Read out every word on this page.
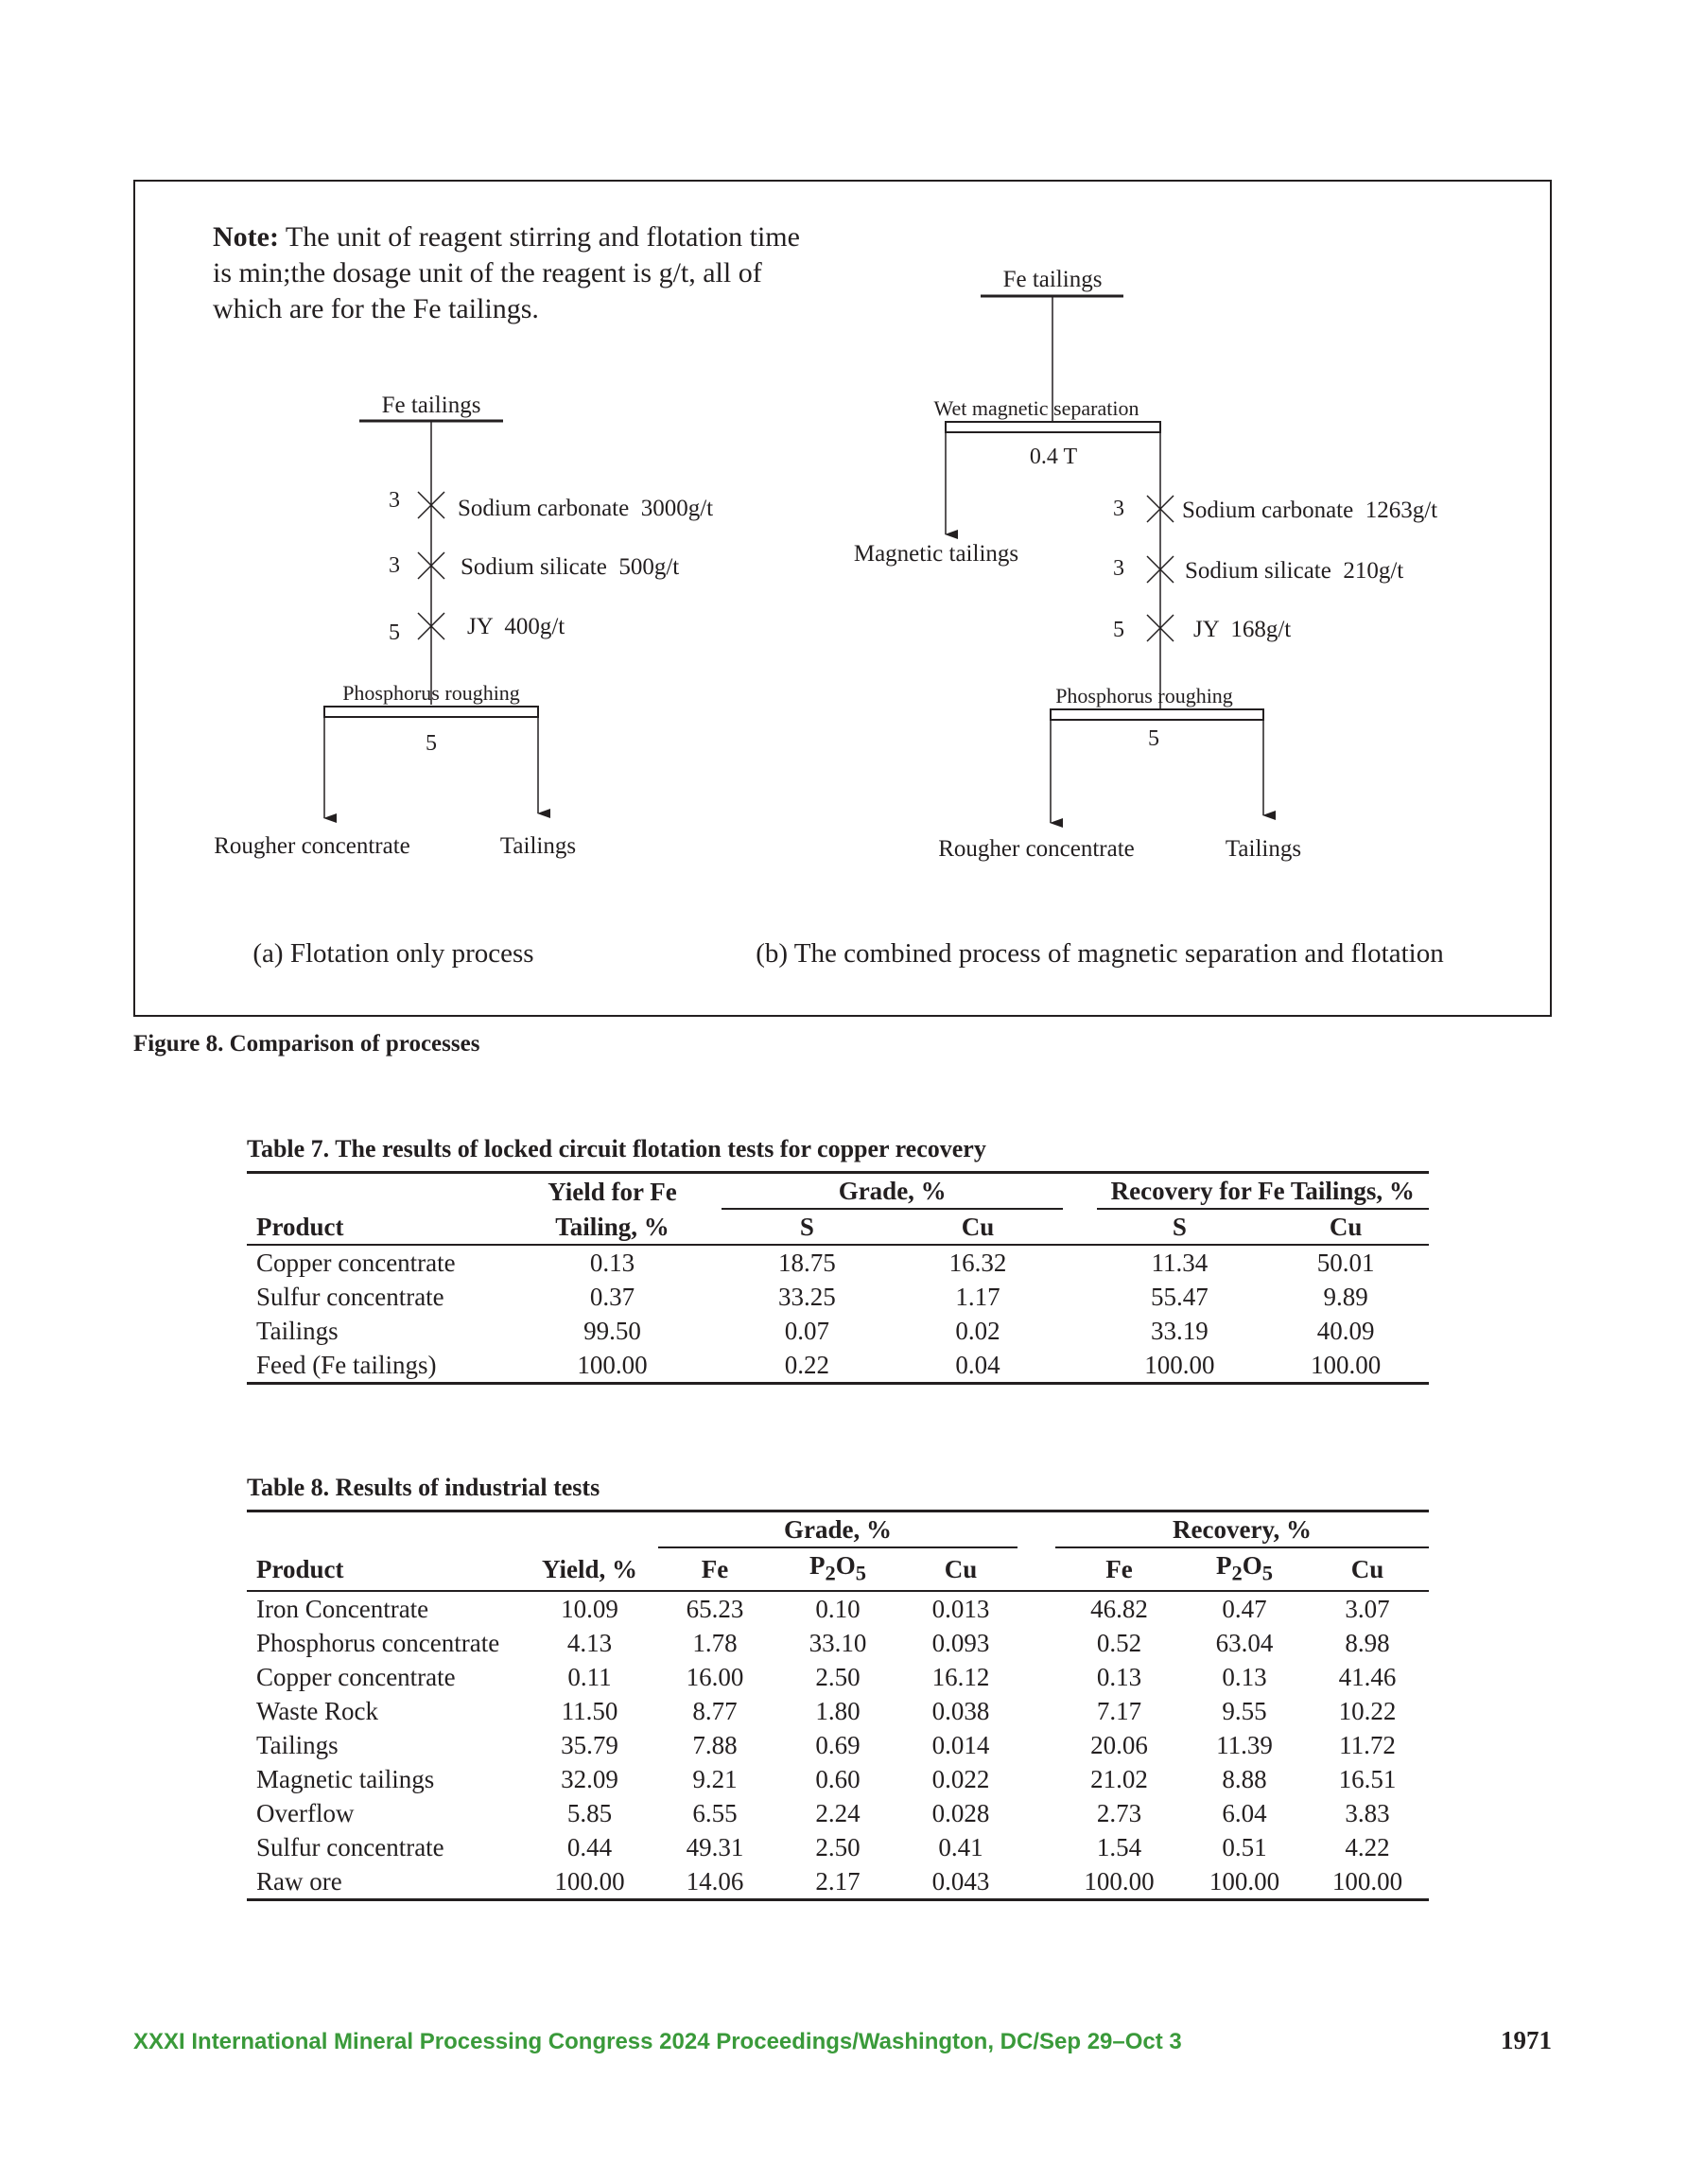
Note: The unit of reagent stirring and flotation time is min;the dosage unit of the reagent is g/t, all of which are for the Fe tailings.
Fe tailings
3 Sodium carbonate  3000g/t
3	Sodium silicate  500g/t
5	JY  400g/t
Phosphorus roughing
5
Rougher concentrate	Tailings
(a) Flotation only process
Fe tailings
Wet magnetic separation
0.4 T
Magnetic tailings
3 Sodium carbonate  1263g/t
3	Sodium silicate  210g/t
5	JY  168g/t
Phosphorus roughing
5
Rougher concentrate	Tailings
(b) The combined process of magnetic separation and flotation
Figure 8. Comparison of processes
Table 7. The results of locked circuit flotation tests for copper recovery
	Yield for Fe		Grade, %			Recovery for Fe Tailings, %	
Product	Tailing, %		S	Cu		S	Cu
Copper concentrate	0.13		18.75	16.32		11.34	50.01
Sulfur concentrate	0.37		33.25	1.17		55.47	9.89
Tailings	99.50		0.07	0.02		33.19	40.09
Feed (Fe tailings)	100.00		0.22	0.04		100.00	100.00
Table 8. Results of industrial tests
			Grade, %				Recovery, %		
Product	Yield, %		Fe	$P_2O_5$	Cu		Fe	$P_2O_5$	Cu
Iron Concentrate	10.09		65.23	0.10	0.013		46.82	0.47	3.07
Phosphorus concentrate	4.13		1.78	33.10	0.093		0.52	63.04	8.98
Copper concentrate	0.11		16.00	2.50	16.12		0.13	0.13	41.46
Waste Rock	11.50		8.77	1.80	0.038		7.17	9.55	10.22
Tailings	35.79		7.88	0.69	0.014		20.06	11.39	11.72
Magnetic tailings	32.09		9.21	0.60	0.022		21.02	8.88	16.51
Overflow	5.85		6.55	2.24	0.028		2.73	6.04	3.83
Sulfur concentrate	0.44		49.31	2.50	0.41		1.54	0.51	4.22
Raw ore	100.00		14.06	2.17	0.043		100.00	100.00	100.00
XXXI International Mineral Processing Congress 2024 Proceedings/Washington, DC/Sep 29–Oct 3	1971
